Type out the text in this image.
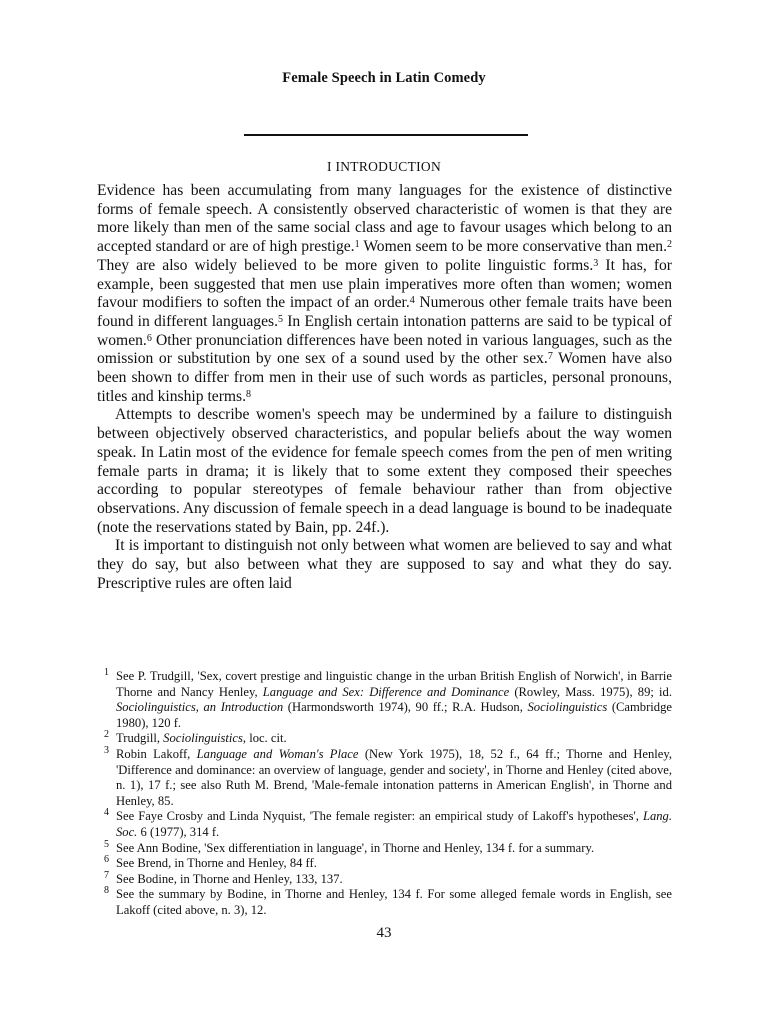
Female Speech in Latin Comedy
I INTRODUCTION

Evidence has been accumulating from many languages for the existence of distinctive forms of female speech. A consistently observed characteristic of women is that they are more likely than men of the same social class and age to favour usages which belong to an accepted standard or are of high prestige.$^1$ Women seem to be more conservative than men.$^2$ They are also widely believed to be more given to polite linguistic forms.$^3$ It has, for example, been suggested that men use plain imperatives more often than women; women favour modifiers to soften the impact of an order.$^4$ Numerous other female traits have been found in different languages.$^5$ In English certain intonation patterns are said to be typical of women.$^6$ Other pronunciation differences have been noted in various languages, such as the omission or substitution by one sex of a sound used by the other sex.$^7$ Women have also been shown to differ from men in their use of such words as particles, personal pronouns, titles and kinship terms.$^8$

Attempts to describe women's speech may be undermined by a failure to distinguish between objectively observed characteristics, and popular beliefs about the way women speak. In Latin most of the evidence for female speech comes from the pen of men writing female parts in drama; it is likely that to some extent they composed their speeches according to popular stereotypes of female behaviour rather than from objective observations. Any discussion of female speech in a dead language is bound to be inadequate (note the reservations stated by Bain, pp. 24f.).

It is important to distinguish not only between what women are believed to say and what they do say, but also between what they are supposed to say and what they do say. Prescriptive rules are often laid

1 See P. Trudgill, 'Sex, covert prestige and linguistic change in the urban British English of Norwich', in Barrie Thorne and Nancy Henley, Language and Sex: Difference and Dominance (Rowley, Mass. 1975), 89; id. Sociolinguistics, an Introduction (Harmondsworth 1974), 90 ff.; R.A. Hudson, Sociolinguistics (Cambridge 1980), 120 f.

2 Trudgill, Sociolinguistics, loc. cit.

3 Robin Lakoff, Language and Woman's Place (New York 1975), 18, 52 f., 64 ff.; Thorne and Henley, 'Difference and dominance: an overview of language, gender and society', in Thorne and Henley (cited above, n. 1), 17 f.; see also Ruth M. Brend, 'Male-female intonation patterns in American English', in Thorne and Henley, 85.

4 See Faye Crosby and Linda Nyquist, 'The female register: an empirical study of Lakoff's hypotheses', Lang. Soc. 6 (1977), 314 f.

5 See Ann Bodine, 'Sex differentiation in language', in Thorne and Henley, 134 f. for a summary.

6 See Brend, in Thorne and Henley, 84 ff.

7 See Bodine, in Thorne and Henley, 133, 137.

8 See the summary by Bodine, in Thorne and Henley, 134 f. For some alleged female words in English, see Lakoff (cited above, n. 3), 12.

43
